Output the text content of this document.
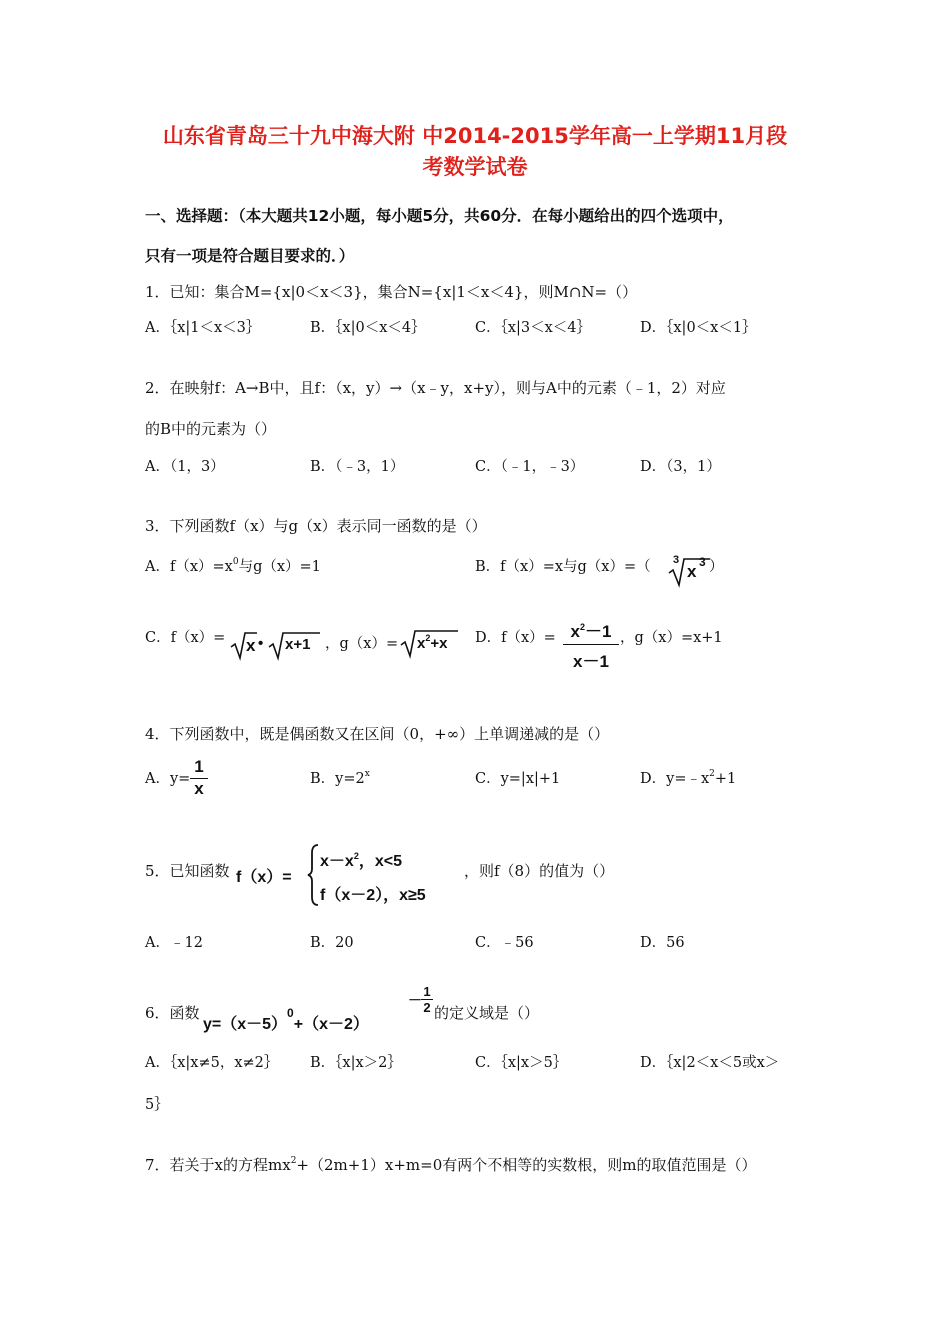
山东省青岛三十九中海大附 中2014-2015学年高一上学期11月段
考数学试卷
一、选择题：（本大题共12小题，每小题5分，共60分．在每小题给出的四个选项中，
只有一项是符合题目要求的．）
1．已知：集合M={x|0＜x＜3}，集合N={x|1＜x＜4}，则M∩N=（）
A．｛x|1＜x＜3｝	B．｛x|0＜x＜4｝	C．｛x|3＜x＜4｝	D．｛x|0＜x＜1｝
2．在映射f：A→B中，且f：（x，y）→（x﹣y，x+y），则与A中的元素（﹣1，2）对应
的B中的元素为（）
A．（1，3）	B．（﹣3，1）	C．（﹣1，﹣3）	D．（3，1）
3．下列函数f（x）与g（x）表示同一函数的是（）
A．$f(x)=x^0$与g（x）=1	B．f（x）=x与g（x）=（ 3
x 3 ）
C．f（x）= x • x+1 ，$g(x)= x^2+x$ D．$f(x)= \frac{x^2-1}{x-1}$ ，g（x）=x+1
4．下列函数中，既是偶函数又在区间（0，+∞）上单调递减的是（）
A．$y= \frac{1}{x}$	B．$y=2^x$	C．y=|x|+1	D．$y=﹣x^2+1$
5．已知函数 f（x）=
$x-x^2$，x<5
f（x－2），x≥5
，则f（8）的值为（）
A．﹣12	B．20	C．﹣56	D．56
6．函数
$y=(x-5)^0+(x-2)$
－ $\frac{1}{2}$ 的定义域是（）
A．｛x|x≠5，x≠2｝ B．｛x|x＞2｝	C．｛x|x＞5｝	D．｛x|2＜x＜5或x＞
5｝
7．若关于x的方程$mx^2+(2m+1)x+m=0$有两个不相等的实数根，则m的取值范围是（）
